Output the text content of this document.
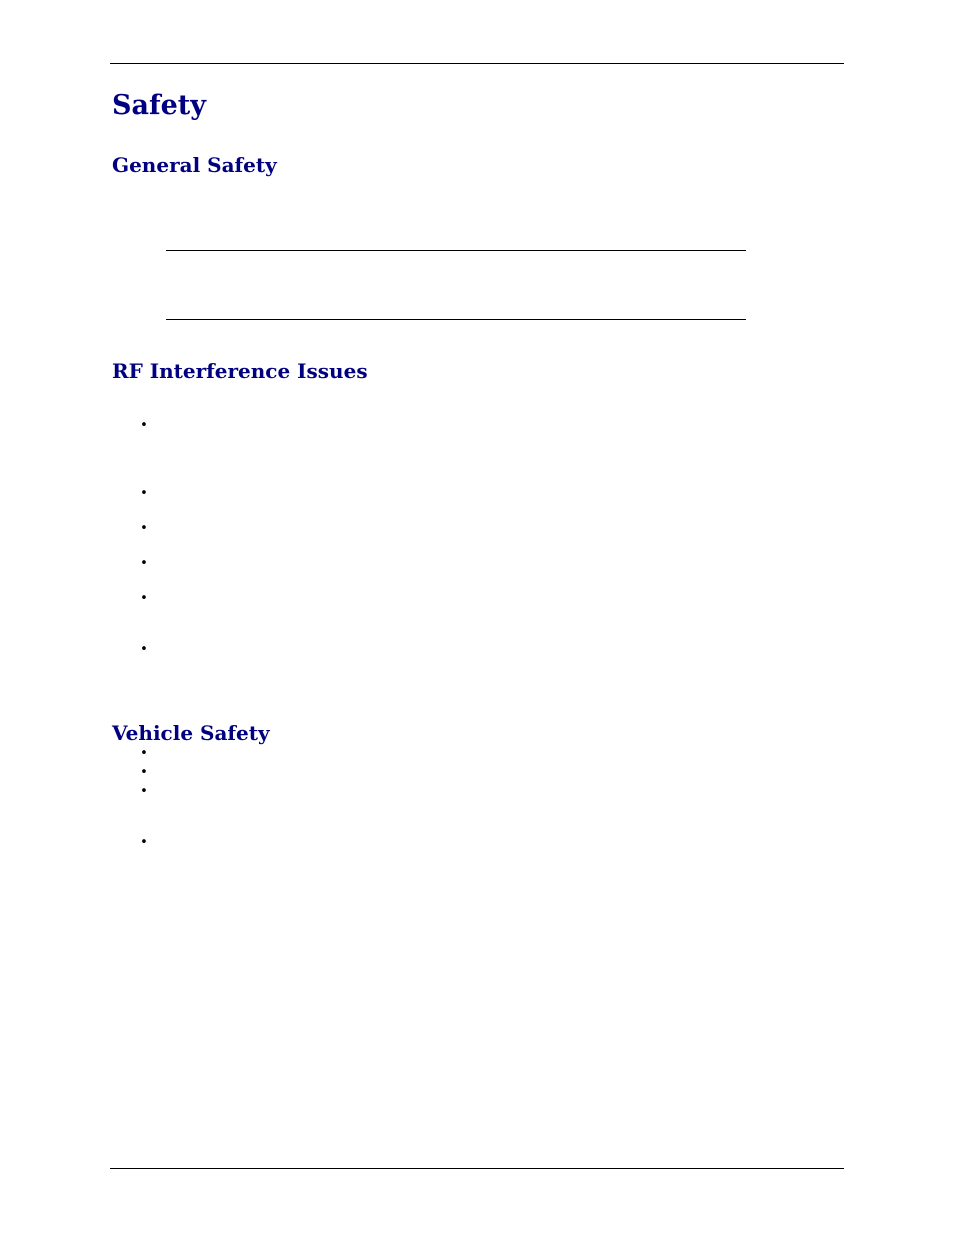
Safety
General Safety
RF Interference Issues
•
•
•
•
•
•
Vehicle Safety
•
•
•
•
